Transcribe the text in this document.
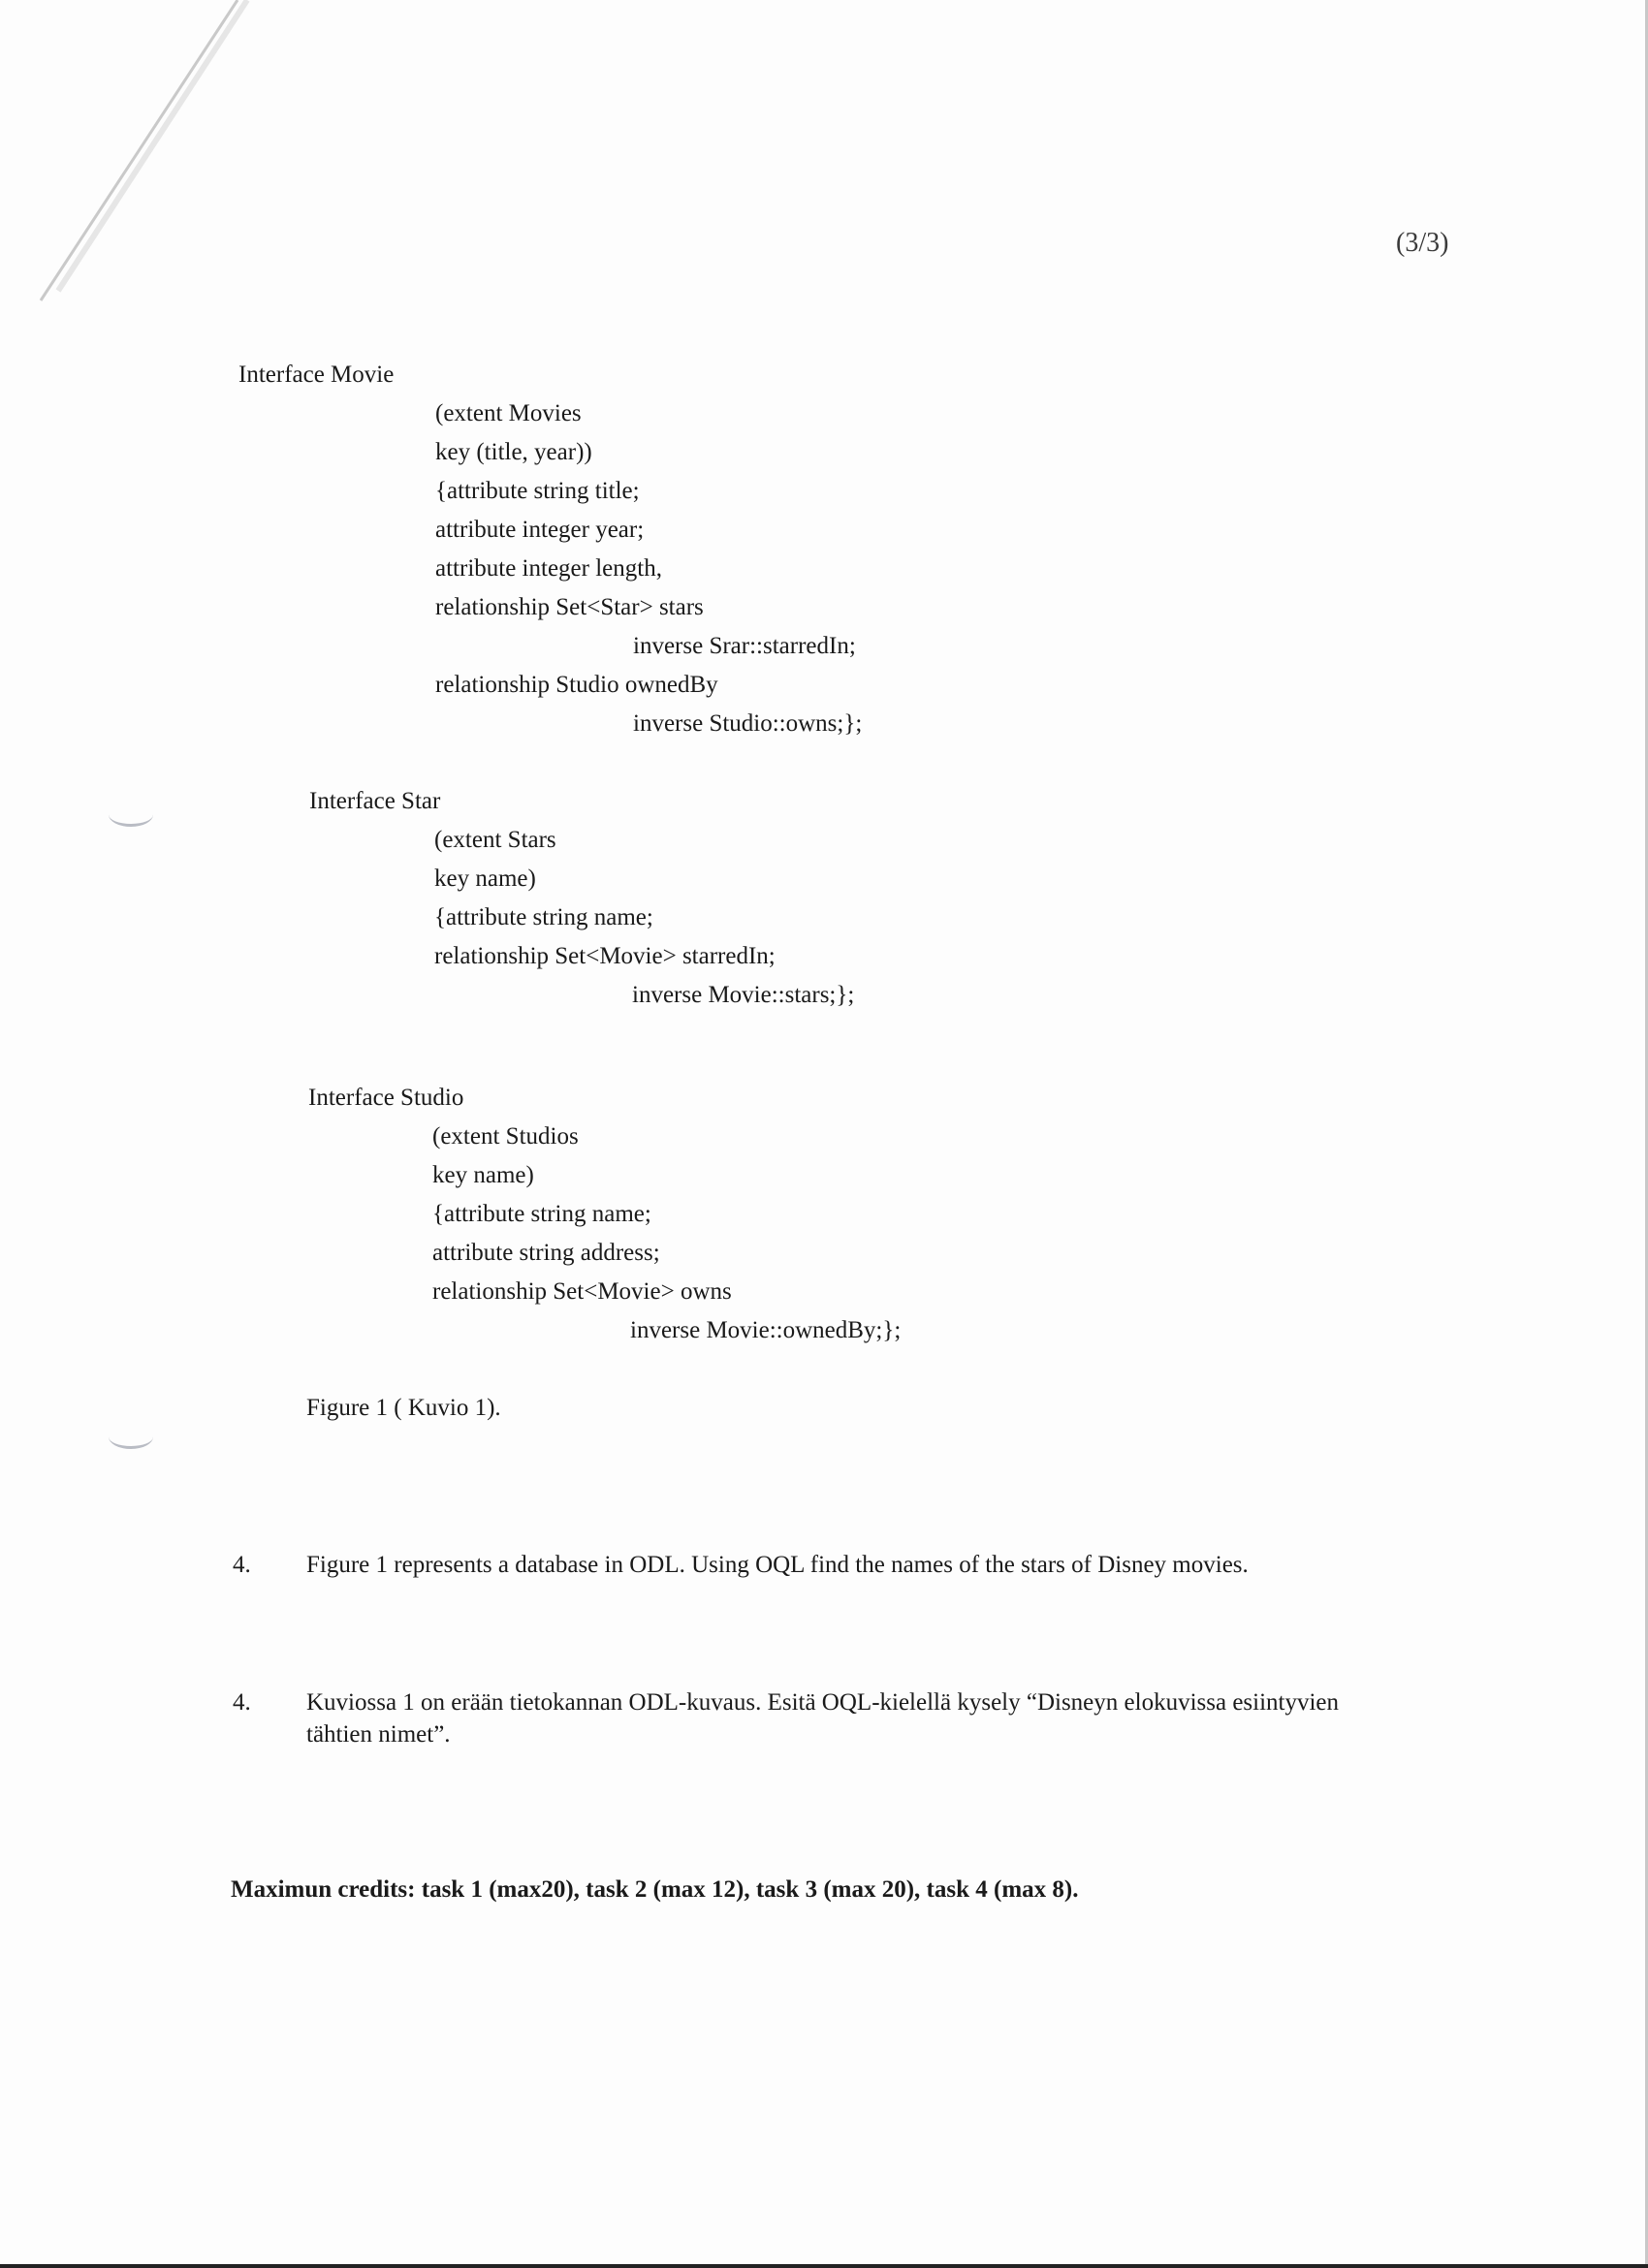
(3/3)
Interface Movie
(extent Movies
key (title, year))
{attribute string title;
attribute integer year;
attribute integer length,
relationship Set<Star> stars
inverse Srar::starredIn;
relationship Studio ownedBy
inverse Studio::owns;};
Interface Star
(extent Stars
key name)
{attribute string name;
relationship Set<Movie> starredIn;
inverse Movie::stars;};
Interface Studio
(extent Studios
key name)
{attribute string name;
attribute string address;
relationship Set<Movie> owns
inverse Movie::ownedBy;};
Figure 1 ( Kuvio 1).
4. Figure 1 represents a database in ODL. Using OQL find the names of the stars of Disney movies.
4. Kuviossa 1 on erään tietokannan ODL-kuvaus. Esitä OQL-kielellä kysely “Disneyn elokuvissa esiintyvien tähtien nimet”.
Maximun credits: task 1 (max20), task 2 (max 12), task 3 (max 20), task 4 (max 8).
